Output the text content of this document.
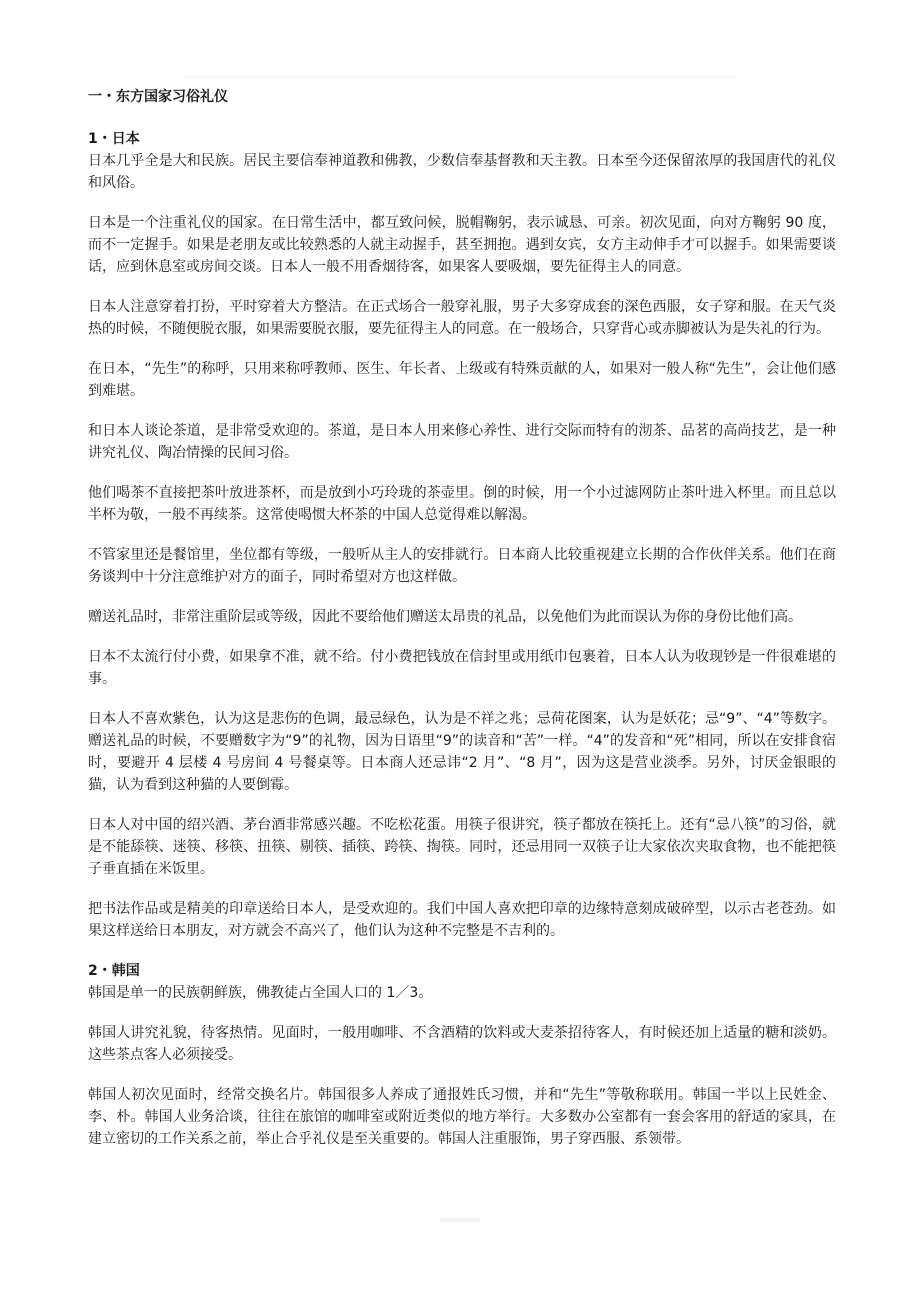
一・东方国家习俗礼仪
1・日本

日本几乎全是大和民族。居民主要信奉神道教和佛教，少数信奉基督教和天主教。日本至今还保留浓厚的我国唐代的礼仪和风俗。

日本是一个注重礼仪的国家。在日常生活中，都互致问候，脱帽鞠躬，表示诚恳、可亲。初次见面，向对方鞠躬 90 度，而不一定握手。如果是老朋友或比较熟悉的人就主动握手，甚至拥抱。遇到女宾，女方主动伸手才可以握手。如果需要谈话，应到休息室或房间交谈。日本人一般不用香烟待客，如果客人要吸烟，要先征得主人的同意。

日本人注意穿着打扮，平时穿着大方整洁。在正式场合一般穿礼服，男子大多穿成套的深色西服，女子穿和服。在天气炎热的时候，不随便脱衣服，如果需要脱衣服，要先征得主人的同意。在一般场合，只穿背心或赤脚被认为是失礼的行为。

在日本，“先生”的称呼，只用来称呼教师、医生、年长者、上级或有特殊贡献的人，如果对一般人称“先生”，会让他们感到难堪。

和日本人谈论茶道，是非常受欢迎的。茶道，是日本人用来修心养性、进行交际而特有的沏茶、品茗的高尚技艺，是一种讲究礼仪、陶冶情操的民间习俗。

他们喝茶不直接把茶叶放进茶杯，而是放到小巧玲珑的茶壶里。倒的时候，用一个小过滤网防止茶叶进入杯里。而且总以半杯为敬，一般不再续茶。这常使喝惯大杯茶的中国人总觉得难以解渴。

不管家里还是餐馆里，坐位都有等级，一般听从主人的安排就行。日本商人比较重视建立长期的合作伙伴关系。他们在商务谈判中十分注意维护对方的面子，同时希望对方也这样做。

赠送礼品时，非常注重阶层或等级，因此不要给他们赠送太昂贵的礼品，以免他们为此而误认为你的身份比他们高。

日本不太流行付小费，如果拿不准，就不给。付小费把钱放在信封里或用纸巾包裹着，日本人认为收现钞是一件很难堪的事。

日本人不喜欢紫色，认为这是悲伤的色调，最忌绿色，认为是不祥之兆；忌荷花图案，认为是妖花；忌“9”、“4”等数字。赠送礼品的时候，不要赠数字为“9”的礼物，因为日语里“9”的读音和“苦”一样。“4”的发音和“死”相同，所以在安排食宿时，要避开 4 层楼 4 号房间 4 号餐桌等。日本商人还忌讳“2 月”、“8 月”，因为这是营业淡季。另外，讨厌金银眼的猫，认为看到这种猫的人要倒霉。

日本人对中国的绍兴酒、茅台酒非常感兴趣。不吃松花蛋。用筷子很讲究，筷子都放在筷托上。还有“忌八筷”的习俗，就是不能舔筷、迷筷、移筷、扭筷、剔筷、插筷、跨筷、掏筷。同时，还忌用同一双筷子让大家依次夹取食物，也不能把筷子垂直插在米饭里。

把书法作品或是精美的印章送给日本人，是受欢迎的。我们中国人喜欢把印章的边缘特意刻成破碎型，以示古老苍劲。如果这样送给日本朋友，对方就会不高兴了，他们认为这种不完整是不吉利的。

2・韩国

韩国是单一的民族朝鲜族，佛教徒占全国人口的 1／3。

韩国人讲究礼貌，待客热情。见面时，一般用咖啡、不含酒精的饮料或大麦茶招待客人，有时候还加上适量的糖和淡奶。这些茶点客人必须接受。

韩国人初次见面时，经常交换名片。韩国很多人养成了通报姓氏习惯，并和“先生”等敬称联用。韩国一半以上民姓金、李、朴。韩国人业务洽谈，往往在旅馆的咖啡室或附近类似的地方举行。大多数办公室都有一套会客用的舒适的家具，在建立密切的工作关系之前，举止合乎礼仪是至关重要的。韩国人注重服饰，男子穿西服、系领带。
